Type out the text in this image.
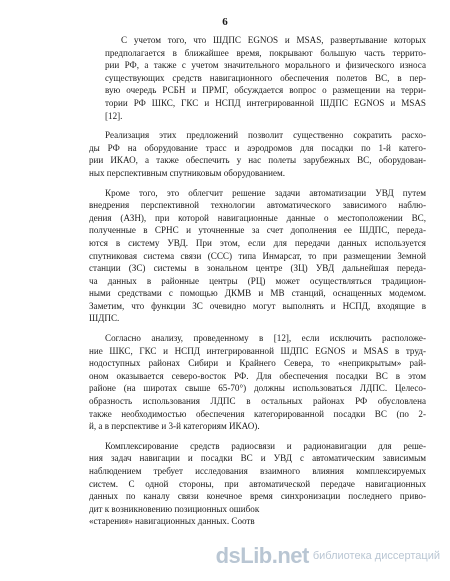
6
С учетом того, что ШДПС EGNOS и MSAS, развертывание которых
предполагается в ближайшее время, покрывают большую часть террито-
рии РФ, а также с учетом значительного морального и физического износа
существующих средств навигационного обеспечения полетов ВС, в пер-
вую очередь РСБН и ПРМГ, обсуждается вопрос о размещении на терри-
тории РФ ШКС, ГКС и НСПД интегрированной ШДПС EGNOS и MSAS
[12].
Реализация этих предложений позволит существенно сократить расхо-
ды РФ на оборудование трасс и аэродромов для посадки по 1-й катего-
рии ИКАО, а также обеспечить у нас полеты зарубежных ВС, оборудован-
ных перспективным спутниковым оборудованием.
Кроме того, это облегчит решение задачи автоматизации УВД путем
внедрения перспективной технологии автоматического зависимого наблю-
дения (АЗН), при которой навигационные данные о местоположении ВС,
полученные в СРНС и уточненные за счет дополнения ее ШДПС, переда-
ются в систему УВД. При этом, если для передачи данных используется
спутниковая система связи (ССС) типа Инмарсат, то при размещении Земной
станции (ЗС) системы в зональном центре (ЗЦ) УВД дальнейшая переда-
ча данных в районные центры (РЦ) может осуществляться традицион-
ными средствами с помощью ДКМВ и МВ станций, оснащенных модемом.
Заметим, что функции ЗС очевидно могут выполнять и НСПД, входящие в
ШДПС.
Согласно анализу, проведенному в [12], если исключить расположе-
ние ШКС, ГКС и НСПД интегрированной ШДПС EGNOS и MSAS в труд-
нодоступных районах Сибири и Крайнего Севера, то «неприкрытым» рай-
оном оказывается северо-восток РФ. Для обеспечения посадки ВС в этом
районе (на широтах свыше 65-70°) должны использоваться ЛДПС. Целесо-
образность использования ЛДПС в остальных районах РФ обусловлена
также необходимостью обеспечения категорированной посадки ВС (по 2-
й, а в перспективе и 3-й категориям ИКАО).
Комплексирование средств радиосвязи и радионавигации для реше-
ния задач навигации и посадки ВС и УВД с автоматическим зависимым
наблюдением требует исследования взаимного влияния комплексируемых
систем. С одной стороны, при автоматической передаче навигационных
данных по каналу связи конечное время синхронизации последнего приво-
дит к возникновению позиционных ошибок
«старения» навигационных данных. Соотв
dsLib.net библиотека диссертаций
